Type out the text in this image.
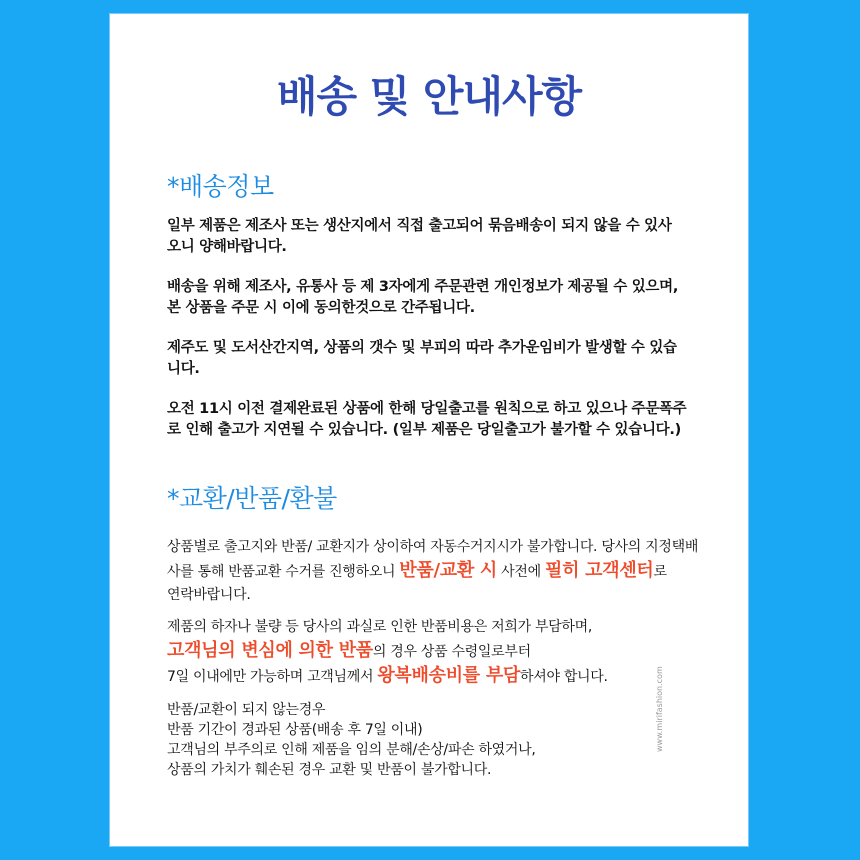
배송 및 안내사항
*배송정보

일부 제품은 제조사 또는 생산지에서 직접 출고되어 묶음배송이 되지 않을 수 있사

오니 양해바랍니다.

배송을 위해 제조사, 유통사 등 제 3자에게 주문관련 개인정보가 제공될 수 있으며,

본 상품을 주문 시 이에 동의한것으로 간주됩니다.

제주도 및 도서산간지역, 상품의 갯수 및 부피의 따라 추가운임비가 발생할 수 있습

니다.

오전 11시 이전 결제완료된 상품에 한해 당일출고를 원칙으로 하고 있으나 주문폭주

로 인해 출고가 지연될 수 있습니다. (일부 제품은 당일출고가 불가할 수 있습니다.)

*교환/반품/환불

상품별로 출고지와 반품/ 교환지가 상이하여 자동수거지시가 불가합니다. 당사의 지정택배

사를 통해 반품교환 수거를 진행하오니 반품/교환 시 사전에 필히 고객센터로

연락바랍니다.

제품의 하자나 불량 등 당사의 과실로 인한 반품비용은 저희가 부담하며,

고객님의 변심에 의한 반품의 경우 상품 수령일로부터

7일 이내에만 가능하며 고객님께서 왕복배송비를 부담하셔야 합니다.

반품/교환이 되지 않는경우

반품 기간이 경과된 상품(배송 후 7일 이내)

고객님의 부주의로 인해 제품을 임의 분해/손상/파손 하였거나,

상품의 가치가 훼손된 경우 교환 및 반품이 불가합니다.

www.mirifashion.com
